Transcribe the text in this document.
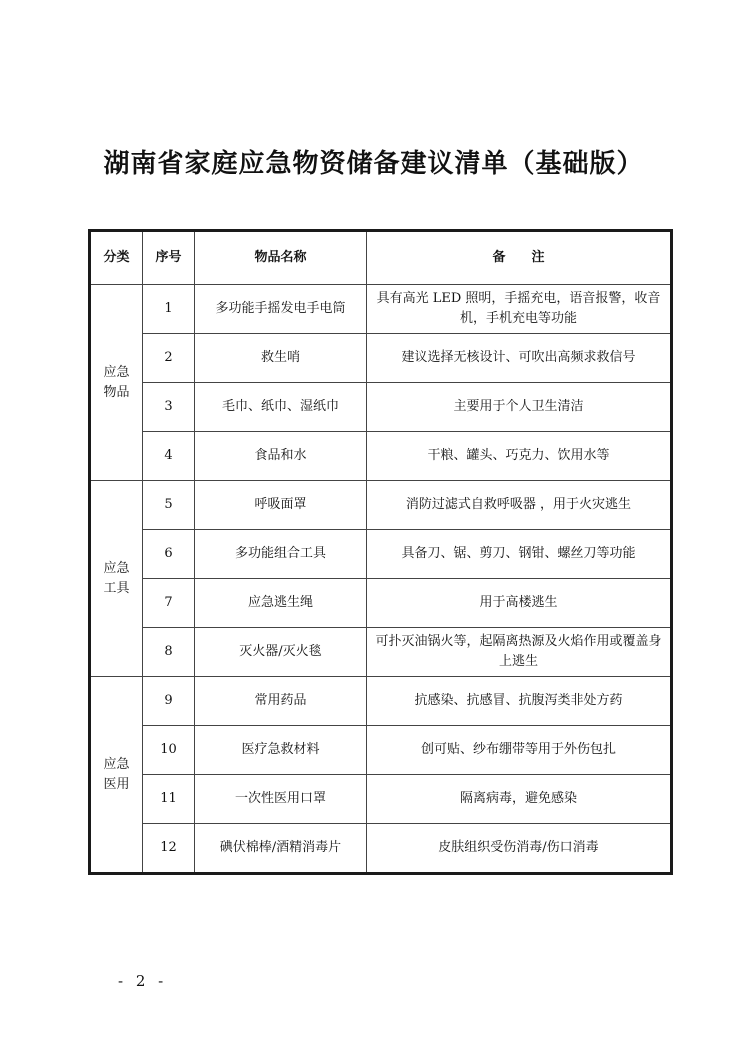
湖南省家庭应急物资储备建议清单（基础版）
分类	序号	物品名称	备　　注
应急
物品	1	多功能手摇发电手电筒	具有高光 LED 照明，手摇充电，语音报警，收音机，手机充电等功能
	2	救生哨	建议选择无核设计、可吹出高频求救信号
	3	毛巾、纸巾、湿纸巾	主要用于个人卫生清洁
	4	食品和水	干粮、罐头、巧克力、饮用水等
应急
工具	5	呼吸面罩	消防过滤式自救呼吸器 ，用于火灾逃生
	6	多功能组合工具	具备刀、锯、剪刀、钢钳、螺丝刀等功能
	7	应急逃生绳	用于高楼逃生
	8	灭火器/灭火毯	可扑灭油锅火等，起隔离热源及火焰作用或覆盖身上逃生
应急
医用	9	常用药品	抗感染、抗感冒、抗腹泻类非处方药
	10	医疗急救材料	创可贴、纱布绷带等用于外伤包扎
	11	一次性医用口罩	隔离病毒，避免感染
	12	碘伏棉棒/酒精消毒片	皮肤组织受伤消毒/伤口消毒
- 2 -
